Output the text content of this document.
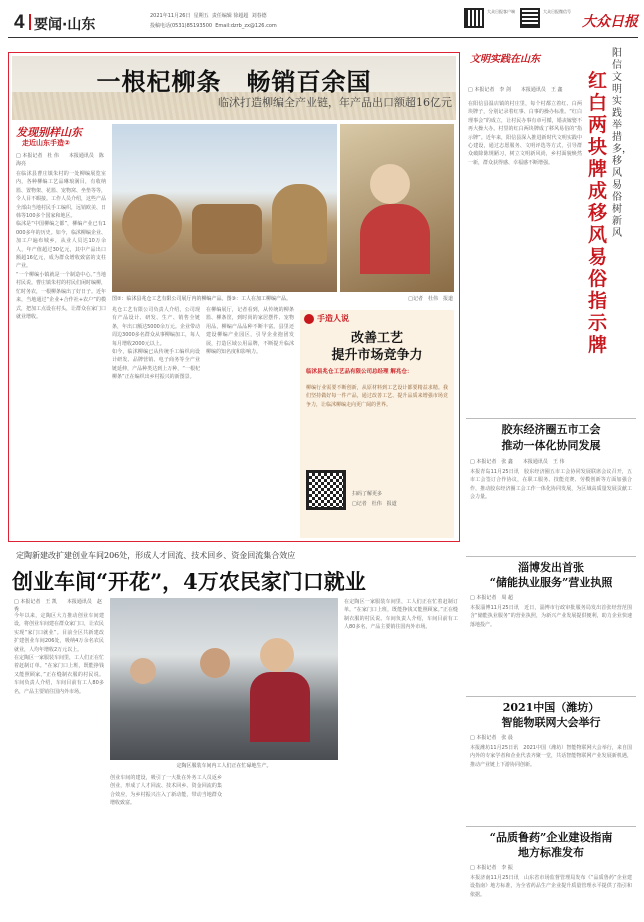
4 要闻·山东
2021年11月26日 星期五 责任编辑 徐超超 刘春德
投稿电话(0531)85193500 Email:dzrb_zx@126.com
大众日报客户端	大众日报微信号
大众日报
一根杞柳条　畅销百余国
临沭打造柳编全产业链，年产品出口额超16亿元
发现别样山东
走近山东手造②
□ 本报记者　杜 伟　　本报通讯员　陈海亮

在临沭县曹庄镇朱村的一处柳编展览室内，各种柳编工艺品琳琅满目，有收纳篮、置物架、花篮、宠物窝、坐垫等等，令人目不暇接。工作人员介绍，这些产品全部由当地村民手工编织，远销欧美、日韩等100多个国家和地区。

临沭是“中国柳编之都”，柳编产业已有1000多年的历史。如今，临沭柳编企业、加工户遍布城乡，从业人员达10万余人，年产值超过30亿元，其中产品出口额超16亿元，成为群众增收致富的支柱产业。

“一个柳编小镇就是一个制造中心。”当地村民说。曹庄镇朱村的村民们闲时编柳，忙时务农，一根柳条编出了好日子。近年来，当地通过“企业+合作社+农户”的模式，把加工点设在村头，让群众在家门口就业增收。

图②：临沭县兆仓工艺有限公司展厅内的柳编产品。图③：工人在加工柳编产品。	□记者　杜伟　报道

兆仓工艺有限公司负责人介绍，公司现有产品设计、研发、生产、销售全链条，年出口额达5000余万元。企业带动周边3000多名群众从事柳编加工，每人每月增收2000元以上。

如今，临沭柳编已从传统手工编织向设计研发、品牌营销、电子商务等全产业链延伸，产品种类达到上万种，“一根杞柳条”正在编织出乡村振兴的新图景。

在柳编展厅，记者看到，从传统的柳条篮、柳条筐，到时尚的家居摆件、宠物用品，柳编产品品种不断丰富。县里还建设柳编产业园区，引导企业抱团发展，打造区域公用品牌，不断提升临沭柳编的知名度和影响力。

手造人说
改善工艺
提升市场竞争力
临沭县兆仓工艺品有限公司总经理 解兆仓：
柳编行业需要不断创新，从原材料到工艺设计都要精益求精。我们坚持做好每一件产品，通过改善工艺、提升品质来增强市场竞争力，让临沭柳编走向更广阔的世界。
扫码了解更多
□记者　杜伟　报道
文明实践在山东
阳信文明实践举措多，移风易俗树新风
红白两块牌成移风易俗指示牌
□ 本报记者　李 剑　　本报通讯员　王 鑫
在阳信县温店镇的村庄里，每个村都立着红、白两块牌子，分别记录着红事、白事的操办标准。“红白理事会”的成立，让村民办事有章可循，婚丧嫁娶不再大操大办。村里的红白两块牌成了移风易俗的“指示牌”。近年来，阳信县深入推进新时代文明实践中心建设，通过志愿服务、文明评选等方式，引导群众破除陈规陋习，树立文明新风尚，乡村面貌焕然一新，群众获得感、幸福感不断增强。
胶东经济圈五市工会
推动一体化协同发展
□ 本报记者　张 鑫　　本报通讯员　王 伟
本报青岛11月25日讯　胶东经济圈五市工会协同发展联席会议召开，五市工会签订合作协议，在职工服务、技能竞赛、劳模创新等方面加强合作，推动胶东经济圈工会工作一体化协同发展，为区域高质量发展贡献工会力量。
定陶新建改扩建创业车间206处，形成人才回流、技术回乡、资金回流集合效应
创业车间“开花”，4万农民家门口就业
□ 本报记者　王 凯　　本报通讯员　赵 秀

今年以来，定陶区大力推动创业车间建设，将创业车间建在群众家门口，让农民实现“家门口就业”。目前全区共新建改扩建创业车间206处，吸纳4万余名农民就业，人均年增收2万元以上。

在定陶区一家服装车间里，工人们正在忙着赶制订单。“在家门口上班，既能挣钱又能照顾家。”正在缝制衣服的村民说。车间负责人介绍，车间目前有工人80多名，产品主要销往国内外市场。

定陶区服装车间内工人们正在忙碌地生产。

创业车间的建设，吸引了一大批在外务工人员返乡创业，形成了人才回流、技术回乡、资金回流的集合效应，为乡村振兴注入了新动能，带动当地群众增收致富。

在定陶区一家服装车间里，工人们正在忙着赶制订单。“在家门口上班，既能挣钱又能照顾家。”正在缝制衣服的村民说。车间负责人介绍，车间目前有工人80多名，产品主要销往国内外市场。

淄博发出首张
“储能执业服务”营业执照
□ 本报记者　周 超
本报淄博11月25日讯　近日，淄博市行政审批服务局发出首张经营范围含“储能执业服务”的营业执照，为新兴产业发展提供便利，助力企业快速落地投产。
2021中国（潍坊）
智能物联网大会举行
□ 本报记者　张 晨
本报潍坊11月25日讯　2021中国（潍坊）智能物联网大会举行，来自国内外的专家学者和企业代表齐聚一堂，共话智能物联网产业发展新机遇，推动产业链上下游协同创新。
“品质鲁药”企业建设指南
地方标准发布
□ 本报记者　李 振
本报济南11月25日讯　山东省市场监督管理局发布《“品质鲁药”企业建设指南》地方标准，为全省药品生产企业提升质量管理水平提供了指引和依据。
